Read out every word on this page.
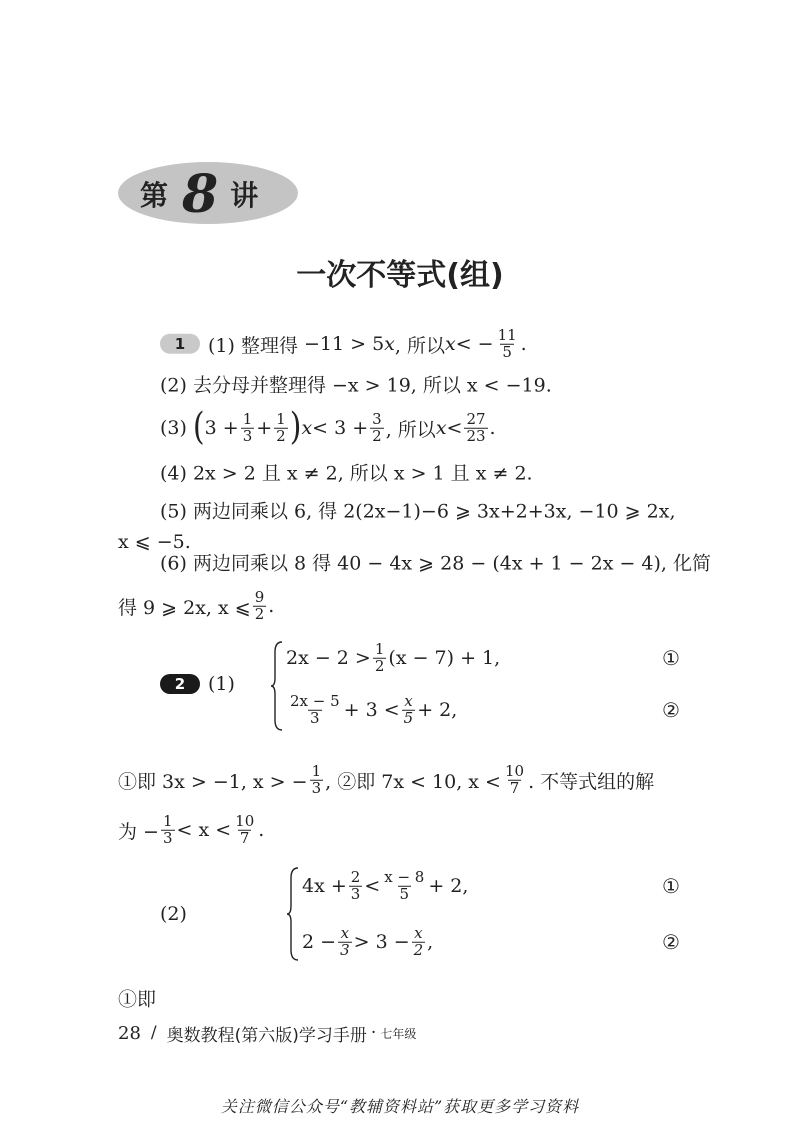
第 8 讲
一次不等式(组)
1	(1) 整理得 −11 > 5 x , 所以 x < − $\frac{11}{5}$ .
(2) 去分母并整理得 −x > 19, 所以 x < −19.
(3) ( $3 + \frac{1}{3} + \frac{1}{2}$ ) $x < 3 + \frac{3}{2}$ , 所以 $x < \frac{27}{23}$ .
(4) 2x > 2 且 x ≠ 2, 所以 x > 1 且 x ≠ 2.
(5) 两边同乘以 6, 得 2(2x−1)−6 ⩾ 3x+2+3x, −10 ⩾ 2x,
x ⩽ −5.
(6) 两边同乘以 8 得 40 − 4x ⩾ 28 − (4x + 1 − 2x − 4), 化简
得 9 ⩾ 2x, x ⩽ $\frac{9}{2}$ .
2	(1)
$2x - 2 > \frac{1}{2} (x - 7) + 1$,	①
$\frac{2x - 5}{3} + 3 < \frac{x}{5} + 2$,	②
①即 3x > −1, x > − $\frac{1}{3}$ , ②即 7x < 10, $x < \frac{10}{7}$ . 不等式组的解
为 − $\frac{1}{3} < x < \frac{10}{7}$ .
(2)
$4x + \frac{2}{3} < \frac{x - 8}{5} + 2$,	①
$2 - \frac{x}{3} > 3 - \frac{x}{2}$ ,	②
①即
28 / 奥数教程(第六版)学习手册 · 七年级
关注微信公众号“教辅资料站”获取更多学习资料
